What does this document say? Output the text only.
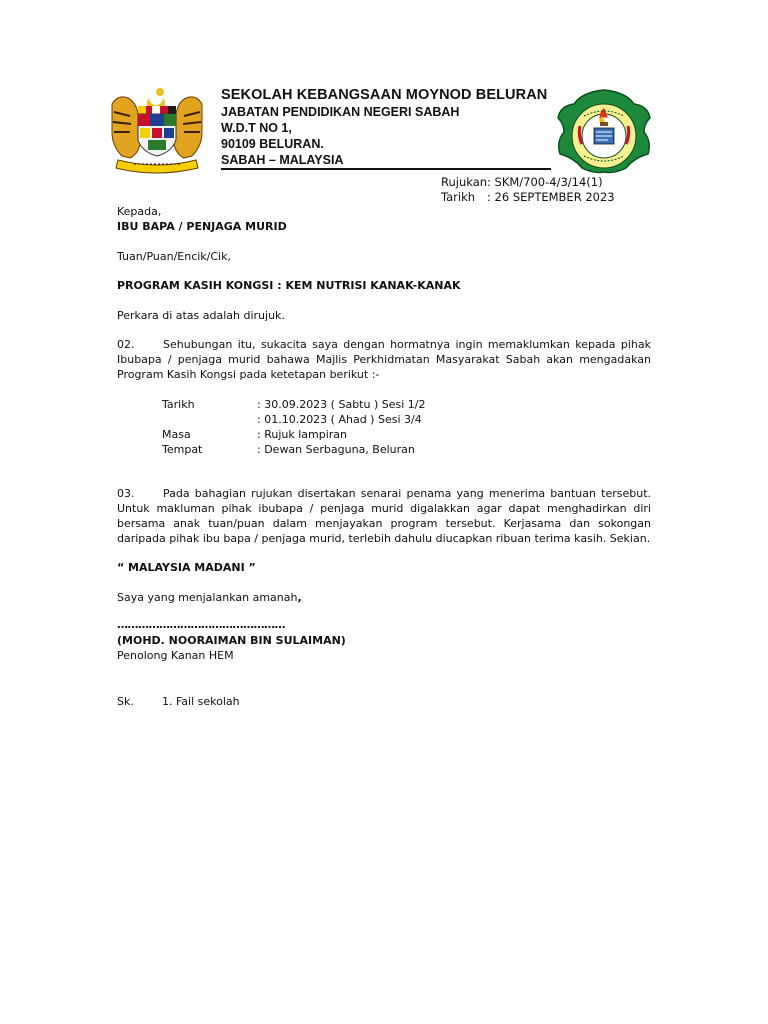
SEKOLAH KEBANGSAAN MOYNOD BELURAN

JABATAN PENDIDIKAN NEGERI SABAH

W.D.T NO 1,

90109 BELURAN.

SABAH – MALAYSIA

Rujukan : SKM/700-4/3/14(1)
Tarikh	: 26 SEPTEMBER 2023
Kepada,
IBU BAPA / PENJAGA MURID
Tuan/Puan/Encik/Cik,
PROGRAM KASIH KONGSI : KEM NUTRISI KANAK-KANAK
Perkara di atas adalah dirujuk.

02.	Sehubungan itu, sukacita saya dengan hormatnya ingin memaklumkan kepada pihak Ibubapa / penjaga murid bahawa Majlis Perkhidmatan Masyarakat Sabah akan mengadakan Program Kasih Kongsi pada ketetapan berikut :-

Tarikh	: 30.09.2023 ( Sabtu ) Sesi 1/2
: 01.10.2023 ( Ahad ) Sesi 3/4
Masa	: Rujuk lampiran
Tempat	: Dewan Serbaguna, Beluran

03.	Pada bahagian rujukan disertakan senarai penama yang menerima bantuan tersebut. Untuk makluman pihak ibubapa / penjaga murid digalakkan agar dapat menghadirkan diri bersama anak tuan/puan dalam menjayakan program tersebut. Kerjasama dan sokongan daripada pihak ibu bapa / penjaga murid, terlebih dahulu diucapkan ribuan terima kasih. Sekian.

“ MALAYSIA MADANI ”
Saya yang menjalankan amanah,
…………………………………………
(MOHD. NOORAIMAN BIN SULAIMAN)
Penolong Kanan HEM
Sk.	1. Fail sekolah
